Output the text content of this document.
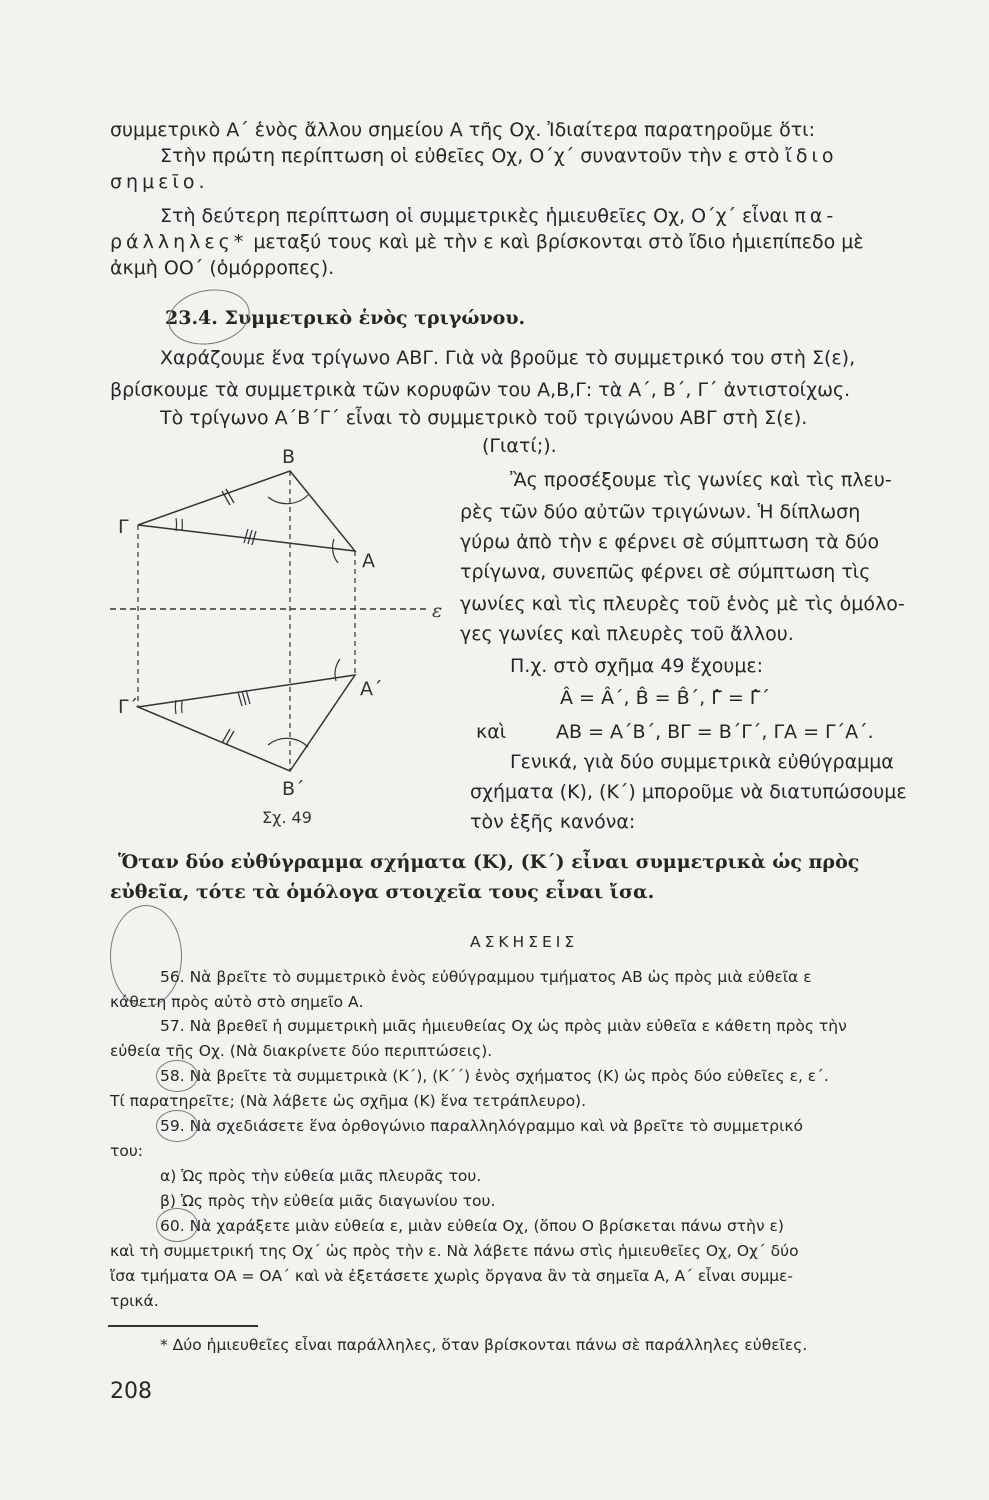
συμμετρικὸ Α΄ ἑνὸς ἄλλου σημείου Α τῆς Οχ. Ἰδιαίτερα παρατηροῦμε ὅτι:
Στὴν πρώτη περίπτωση οἱ εὐθεῖες Οχ, Ο΄χ΄ συναντοῦν τὴν ε στὸ ἴδιο
σημεῖο.
Στὴ δεύτερη περίπτωση οἱ συμμετρικὲς ἡμιευθεῖες Οχ, Ο΄χ΄ εἶναι πα-
ράλληλες* μεταξύ τους καὶ μὲ τὴν ε καὶ βρίσκονται στὸ ἴδιο ἡμιεπίπεδο μὲ
ἀκμὴ ΟΟ΄ (ὁμόρροπες).
23.4. Συμμετρικὸ ἑνὸς τριγώνου.
Χαράζουμε ἕνα τρίγωνο ΑΒΓ. Γιὰ νὰ βροῦμε τὸ συμμετρικό του στὴ Σ(ε),
βρίσκουμε τὰ συμμετρικὰ τῶν κορυφῶν του Α,Β,Γ: τὰ Α΄, Β΄, Γ΄ ἀντιστοίχως.
Τὸ τρίγωνο Α΄Β΄Γ΄ εἶναι τὸ συμμετρικὸ τοῦ τριγώνου ΑΒΓ στὴ Σ(ε).
(Γιατί;).
Ἂς προσέξουμε τὶς γωνίες καὶ τὶς πλευ-
ρὲς τῶν δύο αὐτῶν τριγώνων. Ἡ δίπλωση
γύρω ἀπὸ τὴν ε φέρνει σὲ σύμπτωση τὰ δύο
τρίγωνα, συνεπῶς φέρνει σὲ σύμπτωση τὶς
γωνίες καὶ τὶς πλευρὲς τοῦ ἑνὸς μὲ τὶς ὁμόλο-
γες γωνίες καὶ πλευρὲς τοῦ ἄλλου.
Π.χ. στὸ σχῆμα 49 ἔχουμε:
Â = Â΄, B̂ = B̂΄, Γ̂ = Γ̂΄
καὶ	ΑΒ = Α΄Β΄, ΒΓ = Β΄Γ΄, ΓΑ = Γ΄Α΄.
Γενικά, γιὰ δύο συμμετρικὰ εὐθύγραμμα
σχήματα (Κ), (Κ΄) μποροῦμε νὰ διατυπώσουμε
τὸν ἑξῆς κανόνα:
Β
Α
Γ
Α΄
Γ΄
Β΄
ε
Σχ. 49
Ὅταν δύο εὐθύγραμμα σχήματα (Κ), (Κ΄) εἶναι συμμετρικὰ ὡς πρὸς
εὐθεῖα, τότε τὰ ὁμόλογα στοιχεῖα τους εἶναι ἴσα.
ΑΣΚΗΣΕΙΣ
56. Νὰ βρεῖτε τὸ συμμετρικὸ ἑνὸς εὐθύγραμμου τμήματος ΑΒ ὡς πρὸς μιὰ εὐθεῖα ε
κάθετη πρὸς αὐτὸ στὸ σημεῖο Α.
57. Νὰ βρεθεῖ ἡ συμμετρικὴ μιᾶς ἡμιευθείας Οχ ὡς πρὸς μιὰν εὐθεῖα ε κάθετη πρὸς τὴν
εὐθεία τῆς Οχ. (Νὰ διακρίνετε δύο περιπτώσεις).
58. Νὰ βρεῖτε τὰ συμμετρικὰ (Κ΄), (Κ΄΄) ἑνὸς σχήματος (Κ) ὡς πρὸς δύο εὐθεῖες ε, ε΄.
Τί παρατηρεῖτε; (Νὰ λάβετε ὡς σχῆμα (Κ) ἕνα τετράπλευρο).
59. Νὰ σχεδιάσετε ἕνα ὀρθογώνιο παραλληλόγραμμο καὶ νὰ βρεῖτε τὸ συμμετρικό
του:
α) Ὡς πρὸς τὴν εὐθεία μιᾶς πλευρᾶς του.
β) Ὡς πρὸς τὴν εὐθεία μιᾶς διαγωνίου του.
60. Νὰ χαράξετε μιὰν εὐθεία ε, μιὰν εὐθεία Οχ, (ὅπου Ο βρίσκεται πάνω στὴν ε)
καὶ τὴ συμμετρική της Οχ΄ ὡς πρὸς τὴν ε. Νὰ λάβετε πάνω στὶς ἡμιευθεῖες Οχ, Οχ΄ δύο
ἴσα τμήματα ΟΑ = ΟΑ΄ καὶ νὰ ἐξετάσετε χωρὶς ὄργανα ἂν τὰ σημεῖα Α, Α΄ εἶναι συμμε-
τρικά.
* Δύο ἡμιευθεῖες εἶναι παράλληλες, ὅταν βρίσκονται πάνω σὲ παράλληλες εὐθεῖες.
208
